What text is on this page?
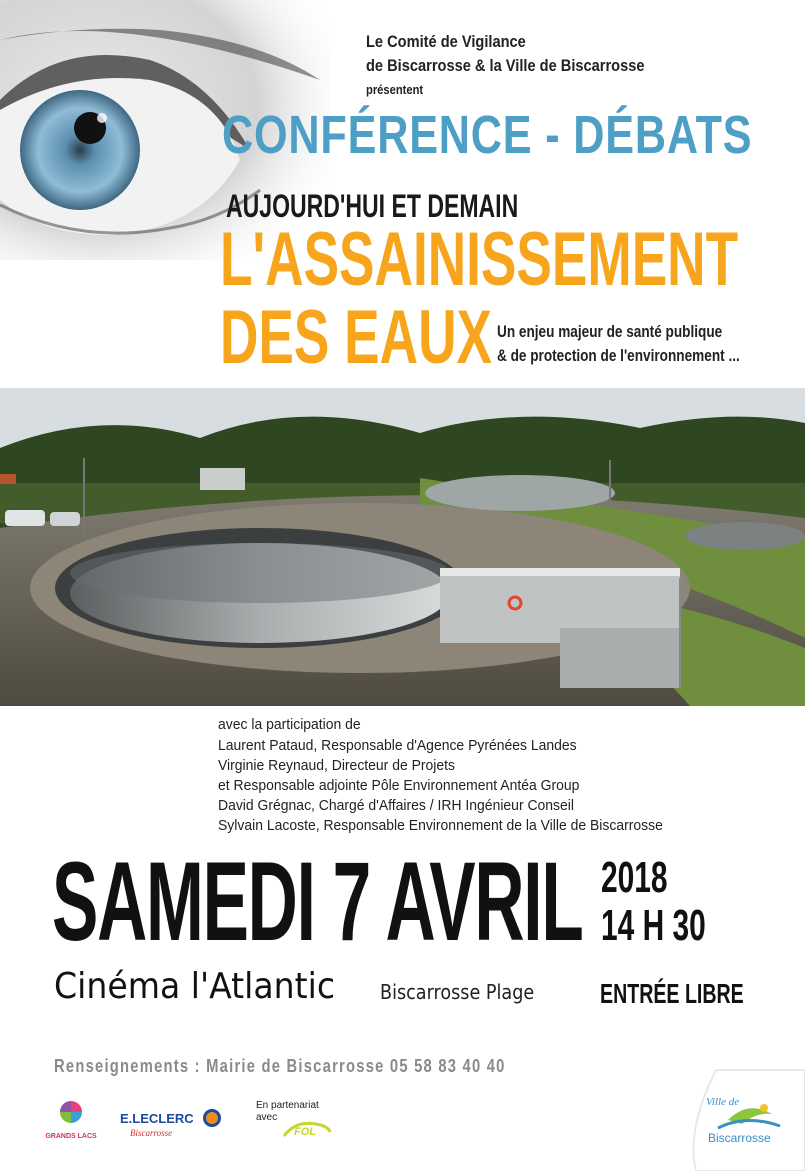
Le Comité de Vigilance
de Biscarrosse & la Ville de Biscarrosse
présentent
CONFÉRENCE - DÉBATS
AUJOURD'HUI ET DEMAIN
L'ASSAINISSEMENT
DES EAUX Un enjeu majeur de santé publique
& de protection de l'environnement ...
avec la participation de
Laurent Pataud, Responsable d'Agence Pyrénées Landes
Virginie Reynaud, Directeur de Projets
et Responsable adjointe Pôle Environnement Antéa Group
David Grégnac, Chargé d'Affaires / IRH Ingénieur Conseil
Sylvain Lacoste, Responsable Environnement de la Ville de Biscarrosse
SAMEDI 7 AVRIL 2018
14 H 30
Cinéma l'Atlantic Biscarrosse Plage ENTRÉE LIBRE
Renseignements : Mairie de Biscarrosse 05 58 83 40 40
GRANDS LACS
E.LECLERC
Biscarrosse
En partenariat
avec
FOL
Ville de
Biscarrosse
